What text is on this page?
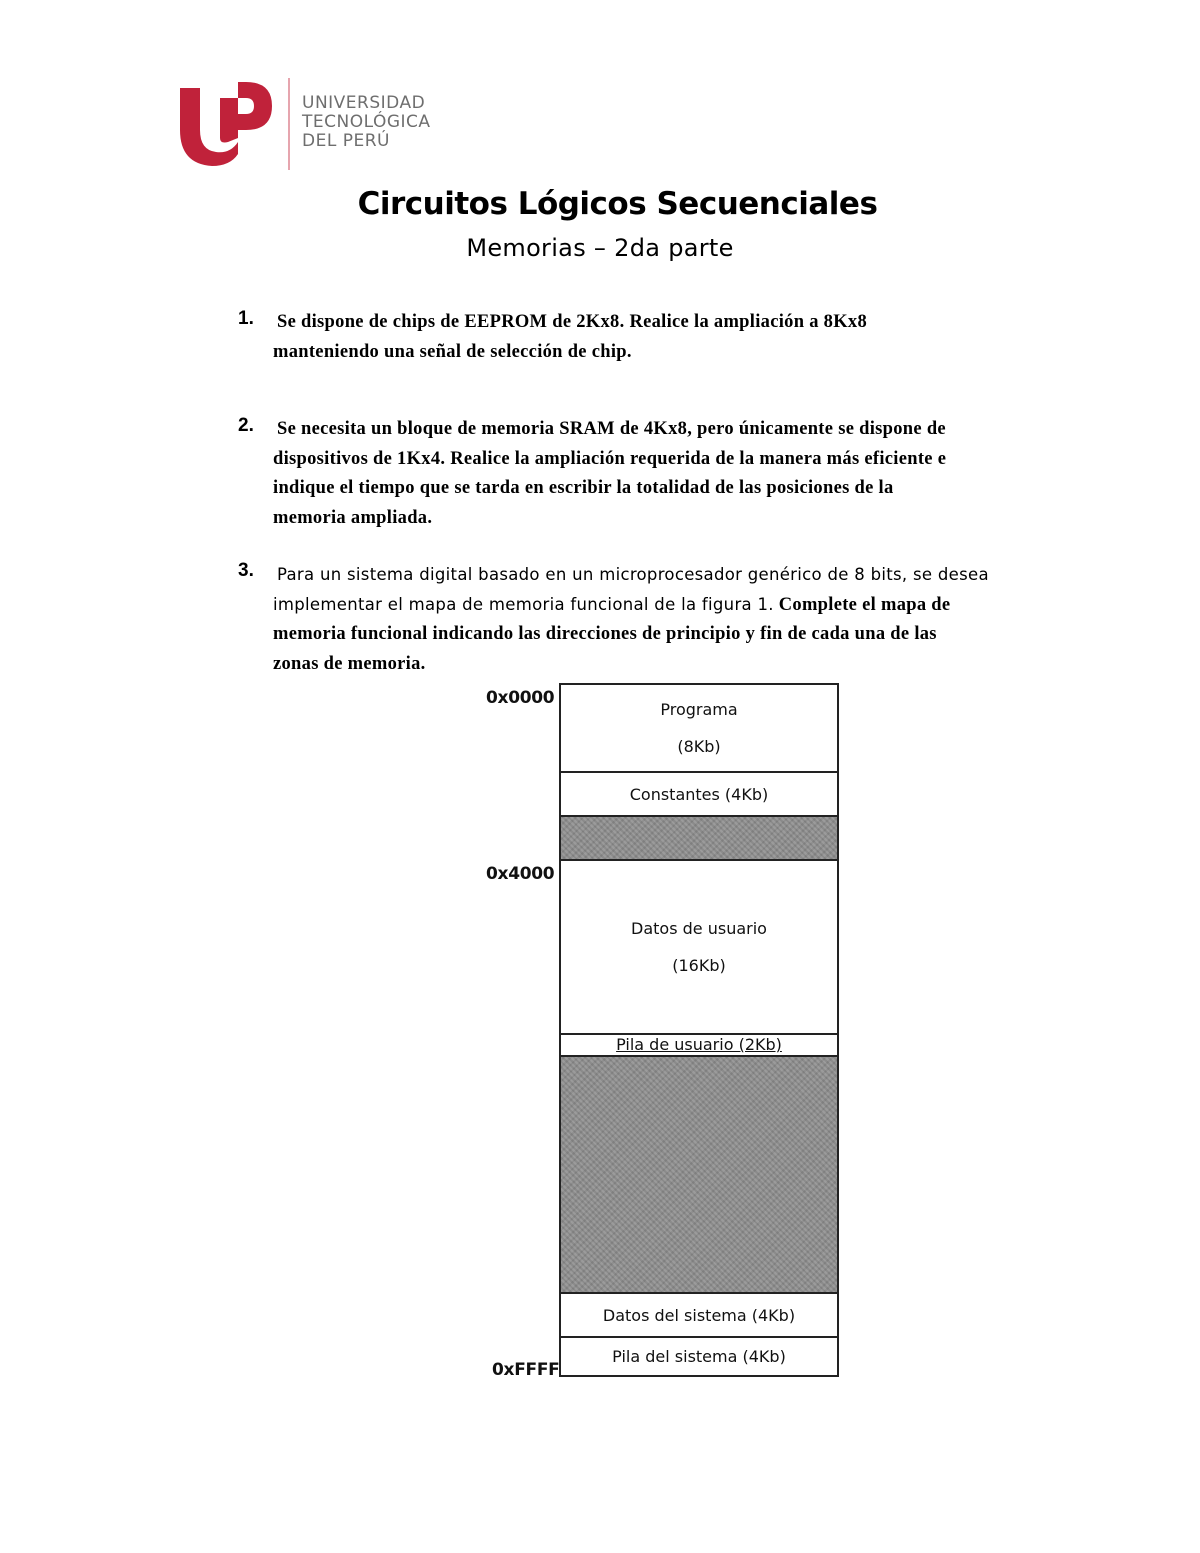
UNIVERSIDAD
TECNOLÓGICA
DEL PERÚ
Circuitos Lógicos Secuenciales
Memorias – 2da parte
1. Se dispone de chips de EEPROM de 2Kx8. Realice la ampliación a 8Kx8
manteniendo una señal de selección de chip.
2. Se necesita un bloque de memoria SRAM de 4Kx8, pero únicamente se dispone de
dispositivos de 1Kx4. Realice la ampliación requerida de la manera más eficiente e
indique el tiempo que se tarda en escribir la totalidad de las posiciones de la
memoria ampliada.
3. Para un sistema digital basado en un microprocesador genérico de 8 bits, se desea
implementar el mapa de memoria funcional de la figura 1. Complete el mapa de
memoria funcional indicando las direcciones de principio y fin de cada una de las
zonas de memoria.
0x0000
0x4000
0xFFFF
Programa
(8Kb)
Constantes (4Kb)
Datos de usuario
(16Kb)
Pila de usuario (2Kb)
Datos del sistema (4Kb)
Pila del sistema (4Kb)
